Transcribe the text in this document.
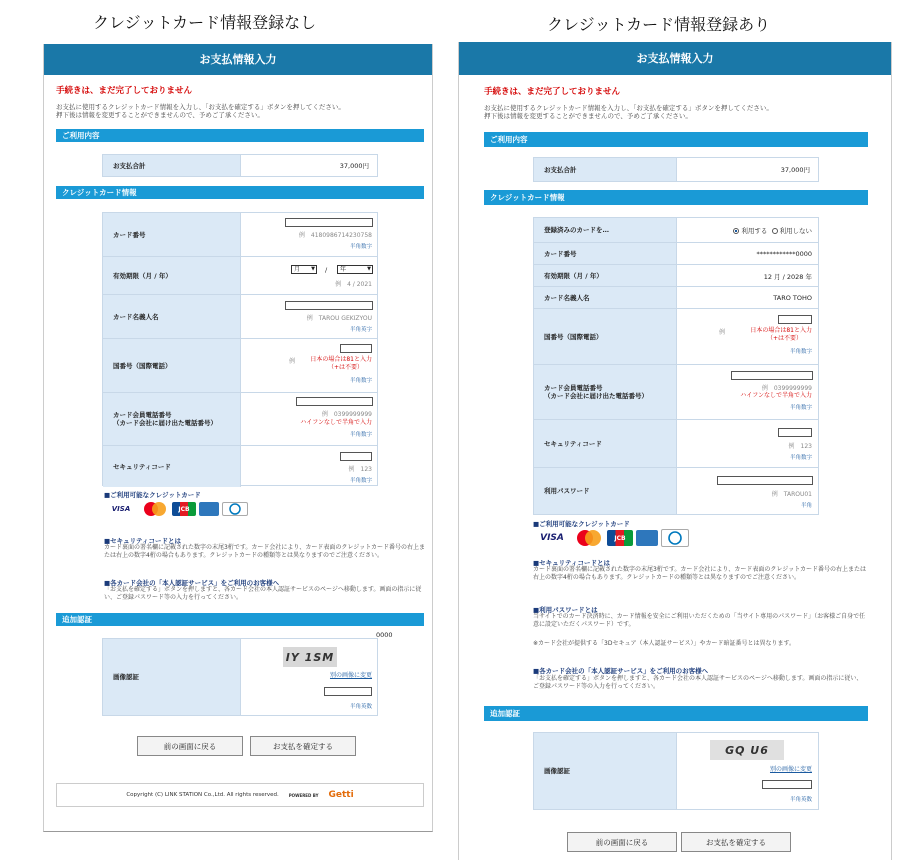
クレジットカード情報登録なし	クレジットカード情報登録あり
お支払情報入力
手続きは、まだ完了しておりません
お支払に使用するクレジットカード情報を入力し、「お支払を確定する」ボタンを押してください。
押下後は情報を変更することができませんので、予めご了承ください。
ご利用内容
お支払合計	37,000円
クレジットカード情報
カード番号	例　4180986714230758
半角数字
有効期限（月 / 年）
月 ▼	/	年 ▼
例　4 / 2021
カード名義人名	例　TAROU GEKIZYOU
半角英字
国番号（国際電話）	例	日本の場合は81と入力
（+は不要）
半角数字
カード会員電話番号
（カード会社に届け出た電話番号）
例　0399999999
ハイフンなしで半角で入力
半角数字
セキュリティコード	例　123
半角数字
■ご利用可能なクレジットカード
VISA	JCB
■セキュリティコードとは
カード裏面の署名欄に記載された数字の末尾3桁です。カード会社により、カード表面のクレジットカード番号の右上または右上の数字4桁の場合もあります。クレジットカードの種類等とは異なりますのでご注意ください。
■各カード会社の「本人認証サービス」をご利用のお客様へ
「お支払を確定する」ボタンを押しますと、各カード会社の本人認証サービスのページへ移動します。画面の指示に従い、ご登録パスワード等の入力を行ってください。
追加認証
0000
画像認証
IY 1SM
別の画像に変更
半角英数
前の画面に戻る	お支払を確定する
Copyright (C) LINK STATION Co.,Ltd. All rights reserved.	POWERED BY Getti
お支払情報入力
手続きは、まだ完了しておりません
お支払に使用するクレジットカード情報を入力し、「お支払を確定する」ボタンを押してください。
押下後は情報を変更することができませんので、予めご了承ください。
ご利用内容
お支払合計	37,000円
クレジットカード情報
登録済みのカードを…	利用する 利用しない
カード番号	************0000
有効期限（月 / 年）	12 月 / 2028 年
カード名義人名	TARO TOHO
国番号（国際電話）	例	日本の場合は81と入力
（+は不要）
半角数字
カード会員電話番号
（カード会社に届け出た電話番号）
例　0399999999
ハイフンなしで半角で入力
半角数字
セキュリティコード	例　123
半角数字
利用パスワード	例　TAROU01
半角
■ご利用可能なクレジットカード
VISA	JCB
■セキュリティコードとは
カード裏面の署名欄に記載された数字の末尾3桁です。カード会社により、カード表面のクレジットカード番号の右上または右上の数字4桁の場合もあります。クレジットカードの種類等とは異なりますのでご注意ください。
■利用パスワードとは
当サイトでのカード決済時に、カード情報を安全にご利用いただくための「当サイト専用のパスワード」（お客様ご自身で任意に設定いただくパスワード）です。
※カード会社が提供する「3Dセキュア（本人認証サービス）」やカード暗証番号とは異なります。
■各カード会社の「本人認証サービス」をご利用のお客様へ
「お支払を確定する」ボタンを押しますと、各カード会社の本人認証サービスのページへ移動します。画面の指示に従い、ご登録パスワード等の入力を行ってください。
追加認証
画像認証
GQ U6
別の画像に変更
半角英数
前の画面に戻る	お支払を確定する
